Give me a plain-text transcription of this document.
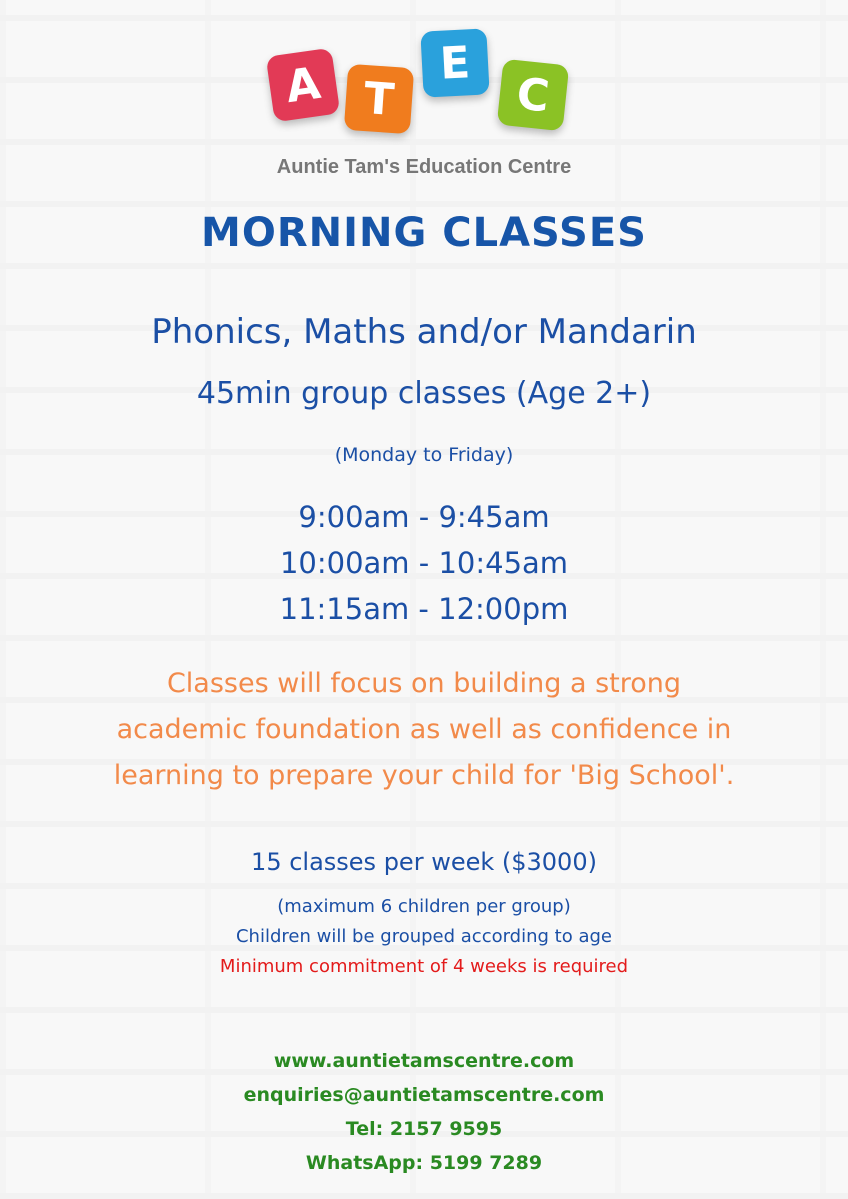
A T
E
C
Auntie Tam's Education Centre
MORNING CLASSES
Phonics, Maths and/or Mandarin
45min group classes (Age 2+)
(Monday to Friday)
9:00am - 9:45am
10:00am - 10:45am
11:15am - 12:00pm
Classes will focus on building a strong
academic foundation as well as confidence in
learning to prepare your child for 'Big School'.
15 classes per week ($3000)
(maximum 6 children per group)
Children will be grouped according to age
Minimum commitment of 4 weeks is required
www.auntietamscentre.com
enquiries@auntietamscentre.com
Tel: 2157 9595
WhatsApp: 5199 7289
